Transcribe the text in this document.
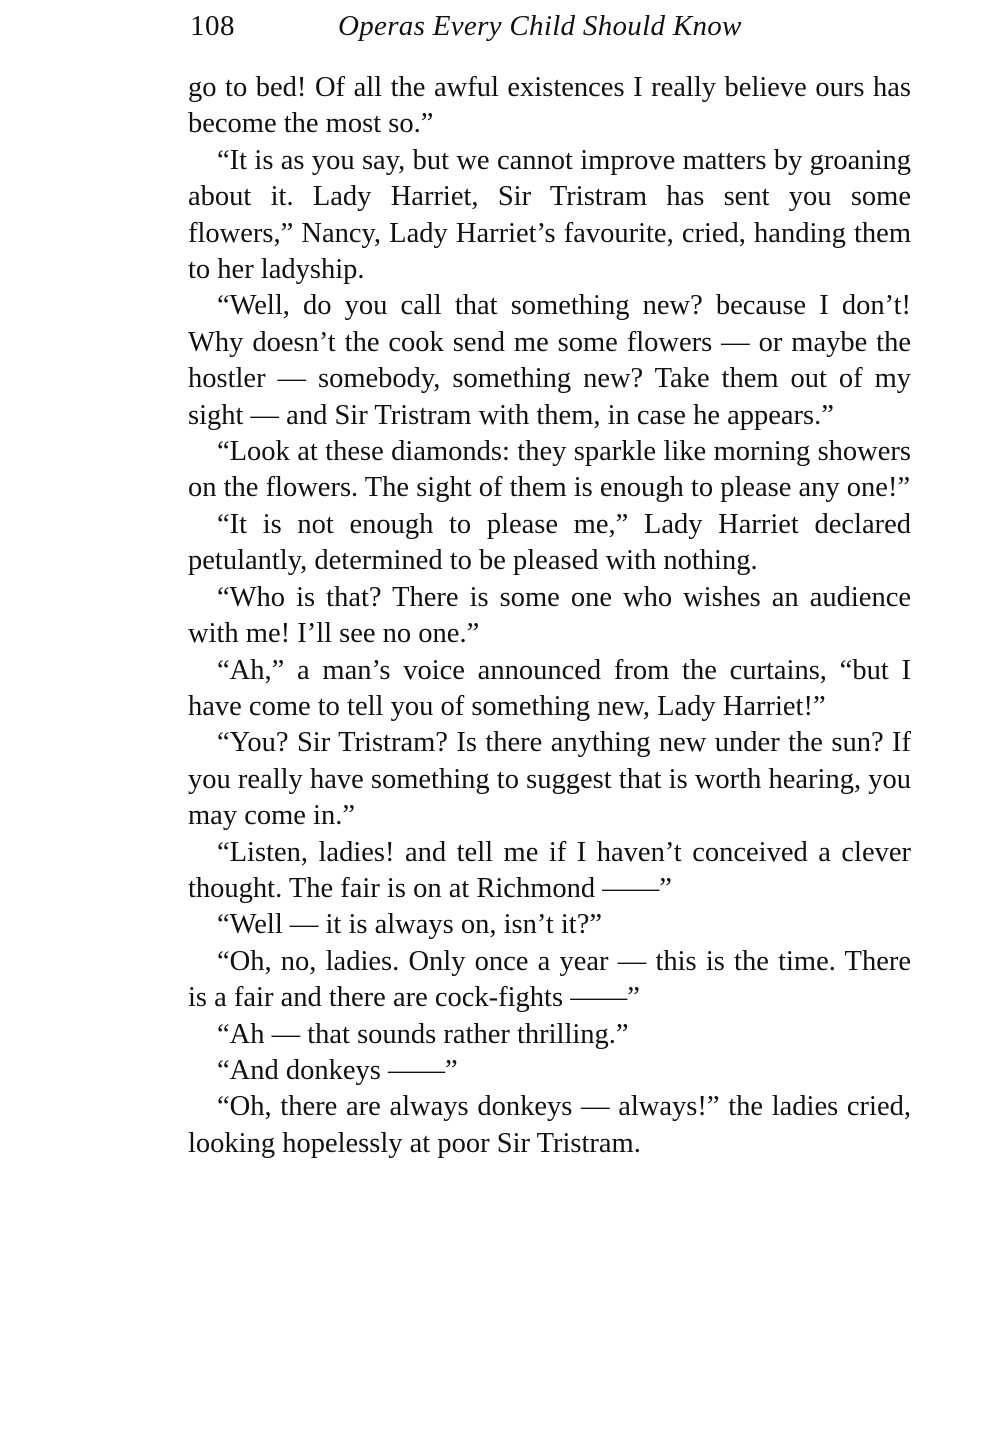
108	Operas Every Child Should Know

go to bed! Of all the awful existences I really believe ours has become the most so.”

“It is as you say, but we cannot improve matters by groaning about it. Lady Harriet, Sir Tristram has sent you some flowers,” Nancy, Lady Harriet’s favourite, cried, handing them to her ladyship.

“Well, do you call that something new? because I don’t! Why doesn’t the cook send me some flowers — or maybe the hostler — somebody, something new? Take them out of my sight — and Sir Tristram with them, in case he appears.”

“Look at these diamonds: they sparkle like morning showers on the flowers. The sight of them is enough to please any one!”

“It is not enough to please me,” Lady Harriet declared petulantly, determined to be pleased with nothing.

“Who is that? There is some one who wishes an audience with me! I’ll see no one.”

“Ah,” a man’s voice announced from the curtains, “but I have come to tell you of something new, Lady Harriet!”

“You? Sir Tristram? Is there anything new under the sun? If you really have something to suggest that is worth hearing, you may come in.”

“Listen, ladies! and tell me if I haven’t conceived a clever thought. The fair is on at Richmond ——”

“Well — it is always on, isn’t it?”

“Oh, no, ladies. Only once a year — this is the time. There is a fair and there are cock-fights ——”

“Ah — that sounds rather thrilling.”

“And donkeys ——”

“Oh, there are always donkeys — always!” the ladies cried, looking hopelessly at poor Sir Tristram.
